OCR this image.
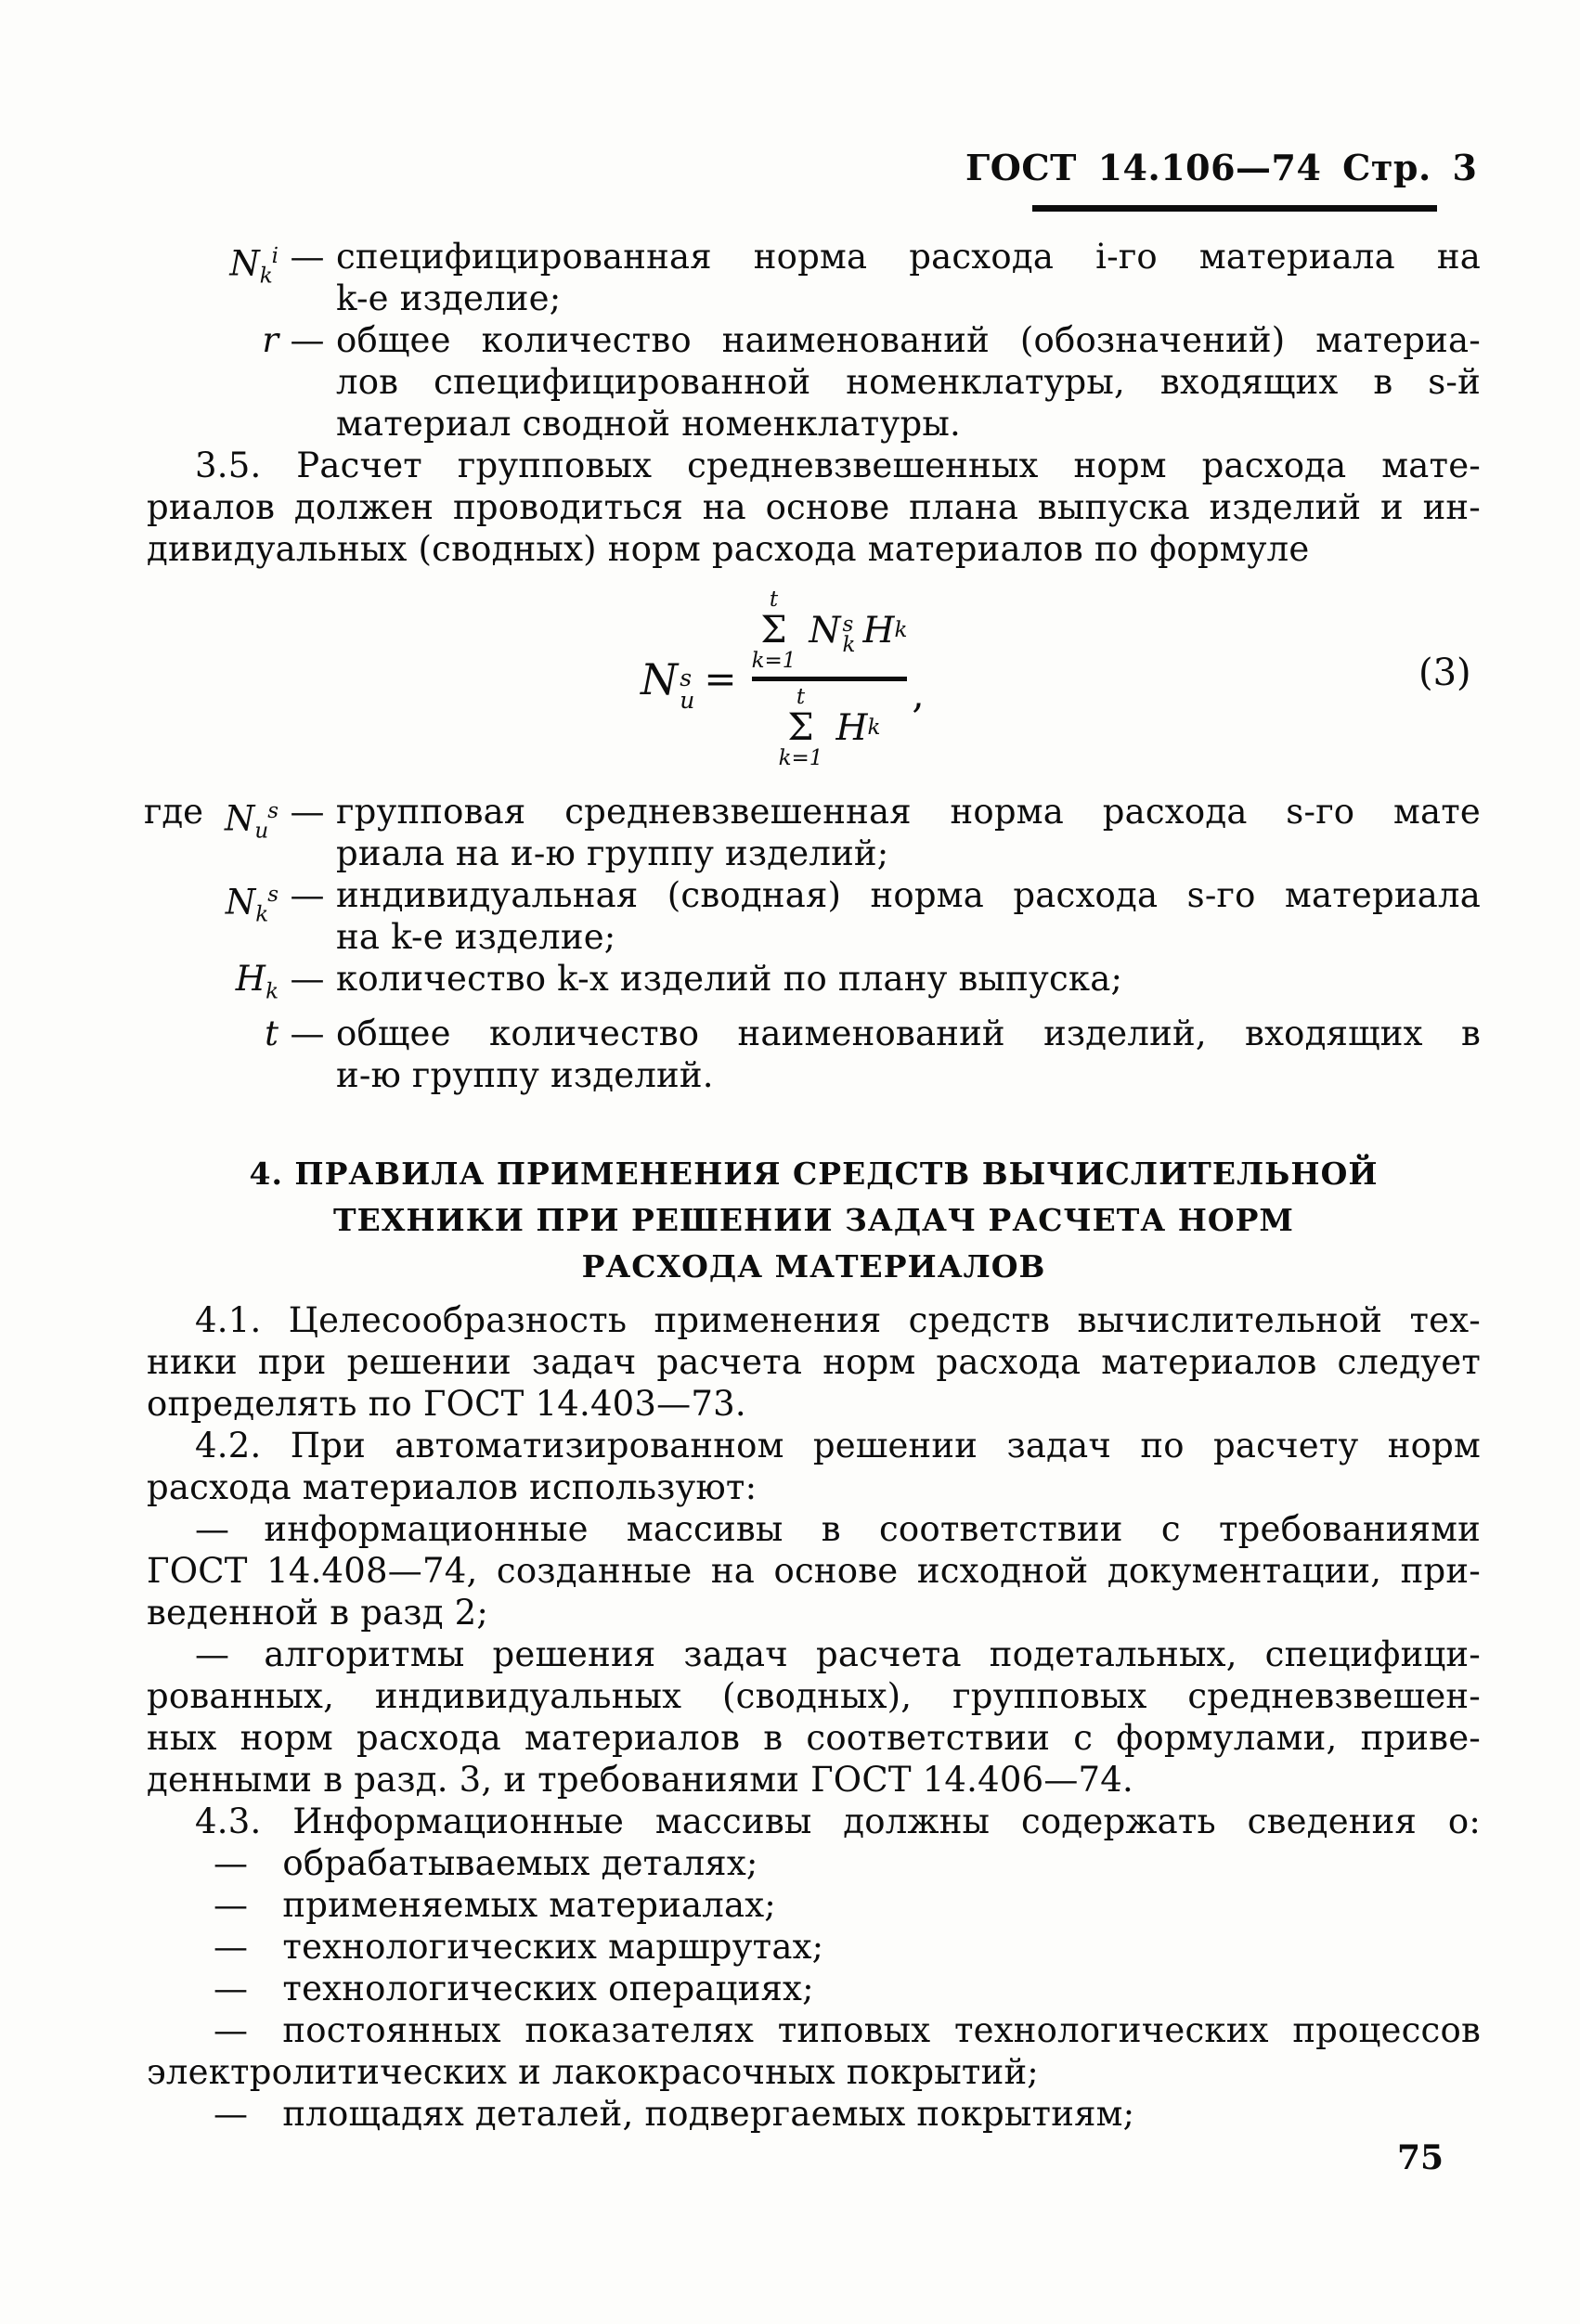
ГОСТ 14.106—74 Стр. 3
$N_k^i$ — специфицированная норма расхода i-го материала на
k-е изделие;
r — общее количество наименований (обозначений) материа-
лов специфицированной номенклатуры, входящих в s-й
материал сводной номенклатуры.
3.5. Расчет групповых средневзвешенных норм расхода мате-
риалов должен проводиться на основе плана выпуска изделий и ин-
дивидуальных (сводных) норм расхода материалов по формуле
N s
и =
t
Σ
k=1
N s
k H k
t
Σ
k=1
H k
,	(3)
где $N_и^s$ — групповая средневзвешенная норма расхода s-го мате
риала на и-ю группу изделий;
$N_k^s$ — индивидуальная (сводная) норма расхода s-го материала
на k-е изделие;
$H_k$ — количество k-х изделий по плану выпуска;
t — общее количество наименований изделий, входящих в
и-ю группу изделий.
4. ПРАВИЛА ПРИМЕНЕНИЯ СРЕДСТВ ВЫЧИСЛИТЕЛЬНОЙ
ТЕХНИКИ ПРИ РЕШЕНИИ ЗАДАЧ РАСЧЕТА НОРМ
РАСХОДА МАТЕРИАЛОВ
4.1. Целесообразность применения средств вычислительной тех-
ники при решении задач расчета норм расхода материалов следует
определять по ГОСТ 14.403—73.
4.2. При автоматизированном решении задач по расчету норм
расхода материалов используют:
— информационные массивы в соответствии с требованиями
ГОСТ 14.408—74, созданные на основе исходной документации, при-
веденной в разд 2;
— алгоритмы решения задач расчета подетальных, специфици-
рованных, индивидуальных (сводных), групповых средневзвешен-
ных норм расхода материалов в соответствии с формулами, приве-
денными в разд. 3, и требованиями ГОСТ 14.406—74.
4.3. Информационные массивы должны содержать сведения о:
— обрабатываемых деталях;
— применяемых материалах;
— технологических маршрутах;
— технологических операциях;
— постоянных показателях типовых технологических процессов
электролитических и лакокрасочных покрытий;
— площадях деталей, подвергаемых покрытиям;
75
